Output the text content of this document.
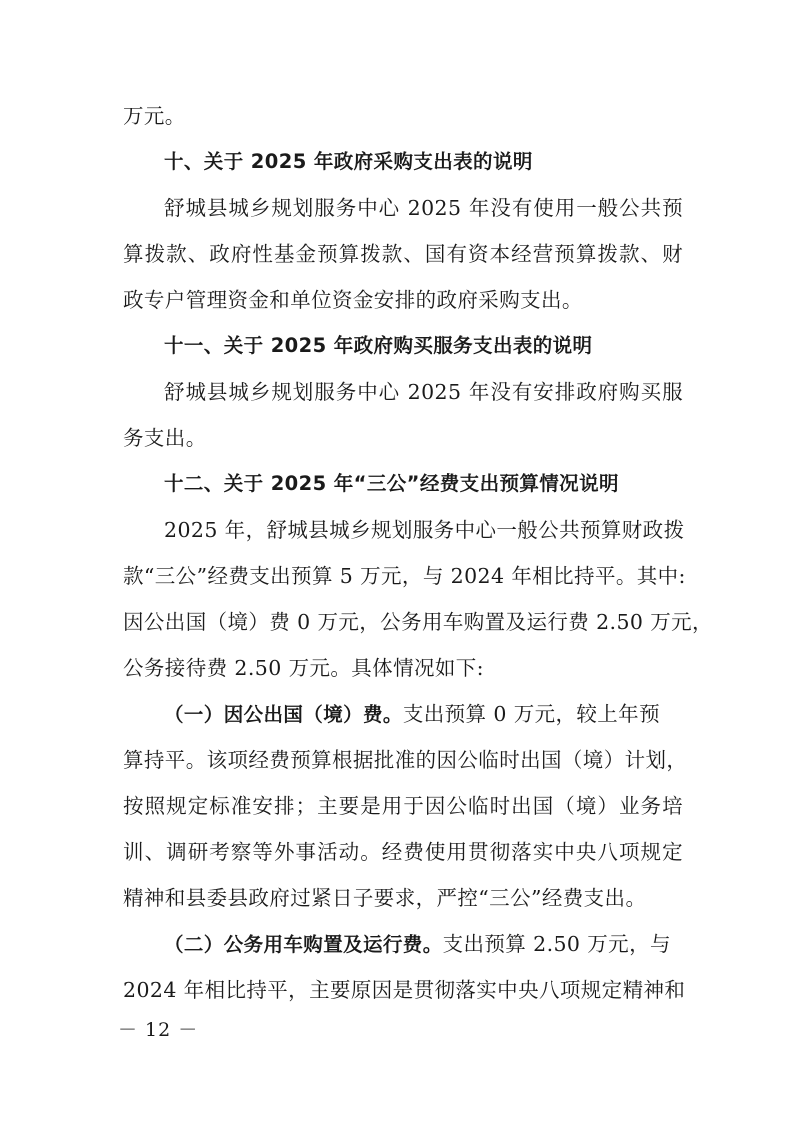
万元。
十、关于 2025 年政府采购支出表的说明
舒城县城乡规划服务中心 2025 年没有使用一般公共预
算拨款、政府性基金预算拨款、国有资本经营预算拨款、财
政专户管理资金和单位资金安排的政府采购支出。
十一、关于 2025 年政府购买服务支出表的说明
舒城县城乡规划服务中心 2025 年没有安排政府购买服
务支出。
十二、关于 2025 年“三公”经费支出预算情况说明
2025 年，舒城县城乡规划服务中心一般公共预算财政拨
款“三公”经费支出预算 5 万元，与 2024 年相比持平。其中:
因公出国（境）费 0 万元，公务用车购置及运行费 2.50 万元，
公务接待费 2.50 万元。具体情况如下:
（一）因公出国（境）费。支出预算 0 万元，较上年预
算持平。该项经费预算根据批准的因公临时出国（境）计划，
按照规定标准安排；主要是用于因公临时出国（境）业务培
训、调研考察等外事活动。经费使用贯彻落实中央八项规定
精神和县委县政府过紧日子要求，严控“三公”经费支出。
（二）公务用车购置及运行费。支出预算 2.50 万元，与
2024 年相比持平，主要原因是贯彻落实中央八项规定精神和
－ 12 －
